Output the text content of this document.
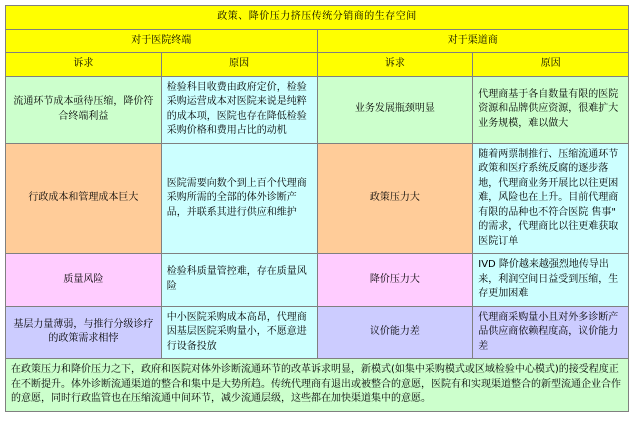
政策、降价压力挤压传统分销商的生存空间			
对于医院终端		对于渠道商	
诉求	原因	诉求	原因
流通环节成本亟待压缩，降价符合终端利益	检验科目收费由政府定价，检验采购运营成本对医院来说是纯粹的成本项，医院也存在降低检验采购价格和费用占比的动机	业务发展瓶颈明显	代理商基于各自数量有限的医院资源和品牌供应资源，很难扩大业务规模，难以做大
行政成本和管理成本巨大	医院需要向数个到上百个代理商采购所需的全部的体外诊断产品，并联系其进行供应和维护	政策压力大	随着两票制推行、压缩流通环节政策和医疗系统反腐的逐步落地，代理商业务开展比以往更困难，风险也在上升。目前代理商有限的品种也不符合医院 售事" 的需求，代理商比以往更难获取医院订单
质量风险	检验科质量管控难，存在质量风险	降价压力大	IVD 降价越来越强烈地传导出来，利润空间日益受到压缩，生存更加困难
基层力量薄弱，与推行分级诊疗的政策需求相悖	中小医院采购成本高昂，代理商因基层医院采购量小，不愿意进行设备投放	议价能力差	代理商采购量小且对外多诊断产品供应商依赖程度高，议价能力差
在政策压力和降价压力之下，政府和医院对体外诊断流通环节的改革诉求明显，新模式(如集中采购模式或区域检验中心模式)的接受程度正在不断提升。体外诊断流通渠道的整合和集中是大势所趋。传统代理商有退出或被整合的意愿，医院有和实现渠道整合的新型流通企业合作的意愿，同时行政监管也在压缩流通中间环节，减少流通层级，这些都在加快渠道集中的意愿。			
